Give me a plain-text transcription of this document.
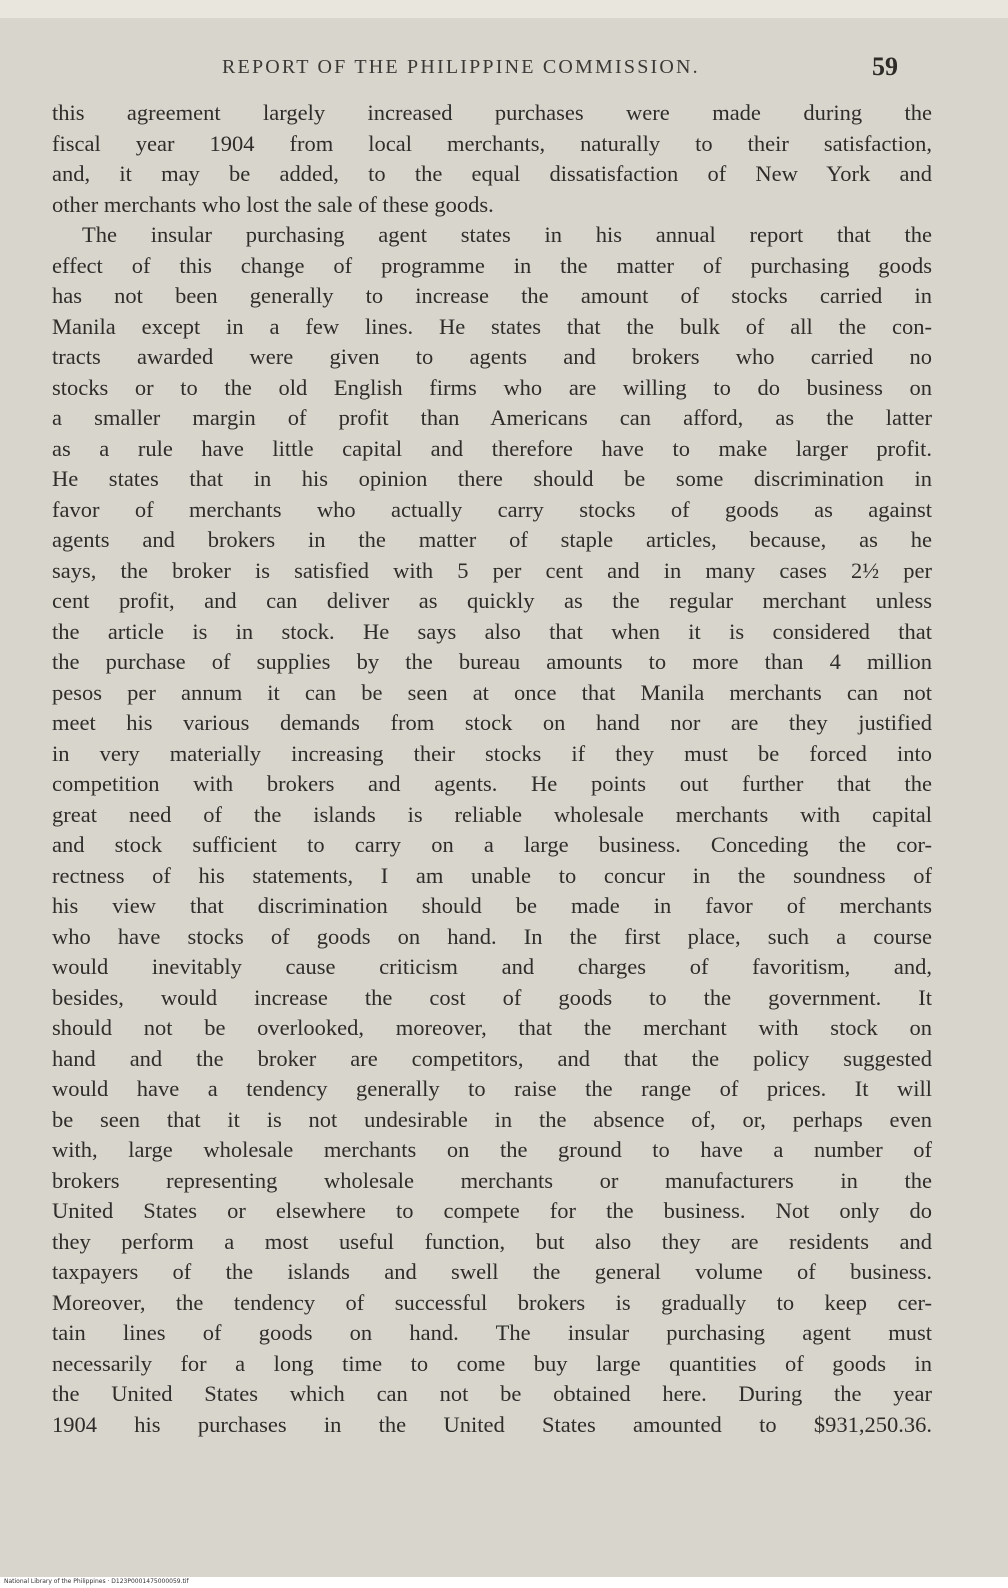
REPORT OF THE PHILIPPINE COMMISSION.	59
this agreement largely increased purchases were made during the
fiscal year 1904 from local merchants, naturally to their satisfaction,
and, it may be added, to the equal dissatisfaction of New York and
other merchants who lost the sale of these goods.
The insular purchasing agent states in his annual report that the
effect of this change of programme in the matter of purchasing goods
has not been generally to increase the amount of stocks carried in
Manila except in a few lines. He states that the bulk of all the con-
tracts awarded were given to agents and brokers who carried no
stocks or to the old English firms who are willing to do business on
a smaller margin of profit than Americans can afford, as the latter
as a rule have little capital and therefore have to make larger profit.
He states that in his opinion there should be some discrimination in
favor of merchants who actually carry stocks of goods as against
agents and brokers in the matter of staple articles, because, as he
says, the broker is satisfied with 5 per cent and in many cases 2½ per
cent profit, and can deliver as quickly as the regular merchant unless
the article is in stock. He says also that when it is considered that
the purchase of supplies by the bureau amounts to more than 4 million
pesos per annum it can be seen at once that Manila merchants can not
meet his various demands from stock on hand nor are they justified
in very materially increasing their stocks if they must be forced into
competition with brokers and agents. He points out further that the
great need of the islands is reliable wholesale merchants with capital
and stock sufficient to carry on a large business. Conceding the cor-
rectness of his statements, I am unable to concur in the soundness of
his view that discrimination should be made in favor of merchants
who have stocks of goods on hand. In the first place, such a course
would inevitably cause criticism and charges of favoritism, and,
besides, would increase the cost of goods to the government. It
should not be overlooked, moreover, that the merchant with stock on
hand and the broker are competitors, and that the policy suggested
would have a tendency generally to raise the range of prices. It will
be seen that it is not undesirable in the absence of, or, perhaps even
with, large wholesale merchants on the ground to have a number of
brokers representing wholesale merchants or manufacturers in the
United States or elsewhere to compete for the business. Not only do
they perform a most useful function, but also they are residents and
taxpayers of the islands and swell the general volume of business.
Moreover, the tendency of successful brokers is gradually to keep cer-
tain lines of goods on hand. The insular purchasing agent must
necessarily for a long time to come buy large quantities of goods in
the United States which can not be obtained here. During the year
1904 his purchases in the United States amounted to $931,250.36.
National Library of the Philippines · D123P0001475000059.tif
